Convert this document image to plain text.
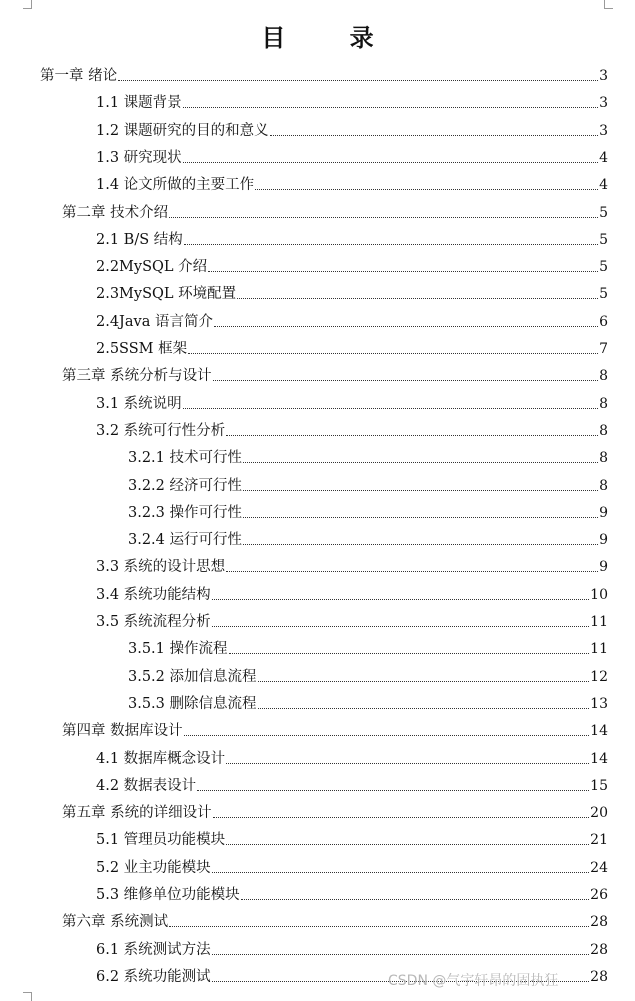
目 录
第一章 绪论	3
1.1 课题背景	3
1.2 课题研究的目的和意义	3
1.3 研究现状	4
1.4 论文所做的主要工作	4
第二章 技术介绍	5
2.1 B/S 结构	5
2.2MySQL 介绍	5
2.3MySQL 环境配置	5
2.4Java 语言简介	6
2.5SSM 框架	7
第三章 系统分析与设计	8
3.1 系统说明	8
3.2 系统可行性分析	8
3.2.1 技术可行性	8
3.2.2 经济可行性	8
3.2.3 操作可行性	9
3.2.4 运行可行性	9
3.3 系统的设计思想	9
3.4 系统功能结构	10
3.5 系统流程分析	11
3.5.1 操作流程	11
3.5.2 添加信息流程	12
3.5.3 删除信息流程	13
第四章 数据库设计	14
4.1 数据库概念设计	14
4.2 数据表设计	15
第五章 系统的详细设计	20
5.1 管理员功能模块	21
5.2 业主功能模块	24
5.3 维修单位功能模块	26
第六章 系统测试	28
6.1 系统测试方法	28
6.2 系统功能测试	28
CSDN @气宇轩昂的固执狂
